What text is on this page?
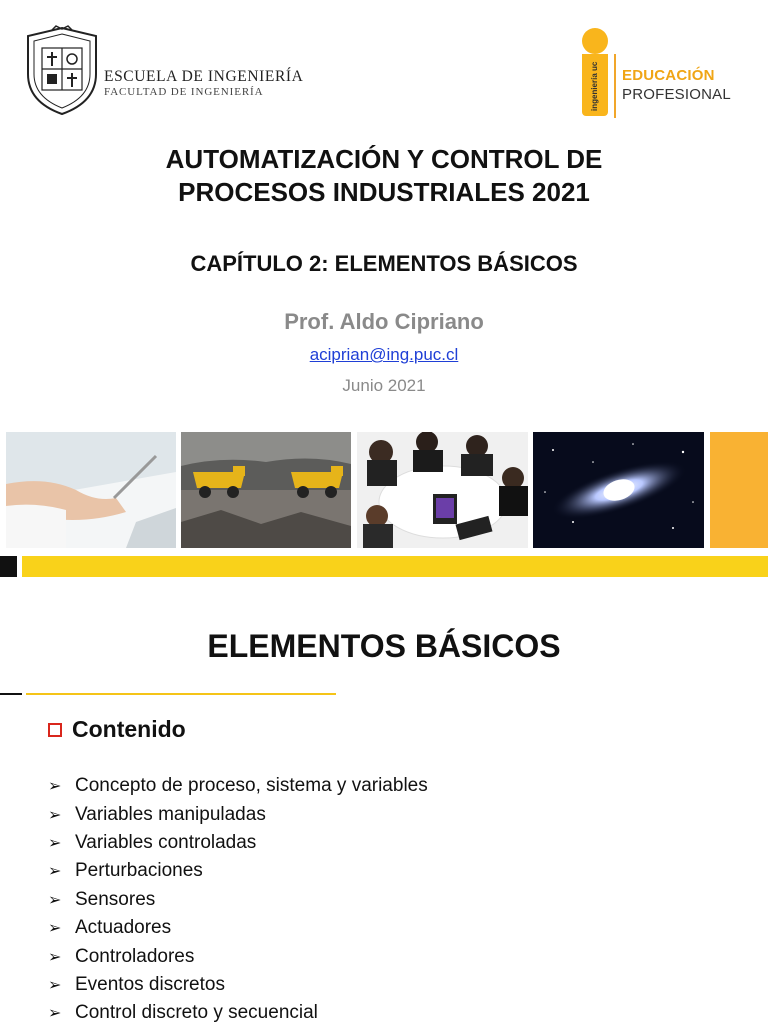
ESCUELA DE INGENIERÍA
FACULTAD DE INGENIERÍA	ingeniería uc EDUCACIÓN
PROFESIONAL
AUTOMATIZACIÓN Y CONTROL DE
PROCESOS INDUSTRIALES 2021
CAPÍTULO 2: ELEMENTOS BÁSICOS
Prof. Aldo Cipriano
aciprian@ing.puc.cl
Junio 2021
ELEMENTOS BÁSICOS
Contenido
➢ Concepto de proceso, sistema y variables
➢ Variables manipuladas
➢ Variables controladas
➢ Perturbaciones
➢ Sensores
➢ Actuadores
➢ Controladores
➢ Eventos discretos
➢ Control discreto y secuencial
